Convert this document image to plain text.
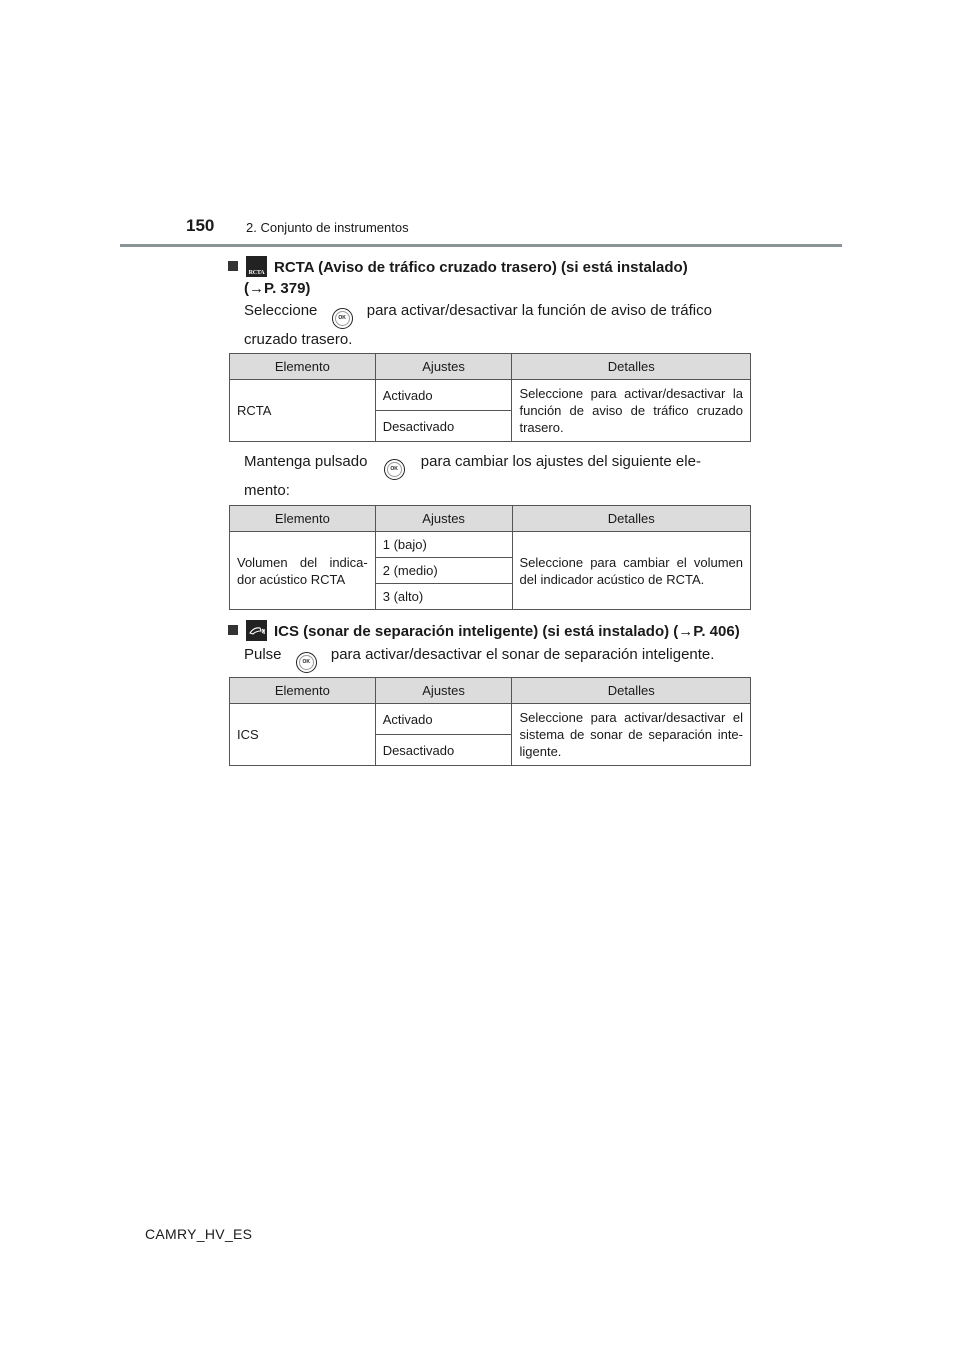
150 2. Conjunto de instrumentos
RCTA RCTA (Aviso de tráfico cruzado trasero) (si está instalado)
(→P. 379)
Seleccione	OK para activar/desactivar la función de aviso de tráfico
cruzado trasero.
Elemento	Ajustes	Detalles
RCTA	Activado	Seleccione para activar/desactivar la función de aviso de tráfico cruzado trasero.
	Desactivado	
Mantenga pulsado	OK para cambiar los ajustes del siguiente ele-
mento:
Elemento	Ajustes	Detalles
Volumen del indica-dor acústico RCTA	1 (bajo)	Seleccione para cambiar el volumen del indicador acústico de RCTA.
	2 (medio)	
	3 (alto)	
ICS (sonar de separación inteligente) (si está instalado) (→P. 406)
Pulse	OK para activar/desactivar el sonar de separación inteligente.
Elemento	Ajustes	Detalles
ICS	Activado	Seleccione para activar/desactivar el sistema de sonar de separación inte-ligente.
	Desactivado	
CAMRY_HV_ES
